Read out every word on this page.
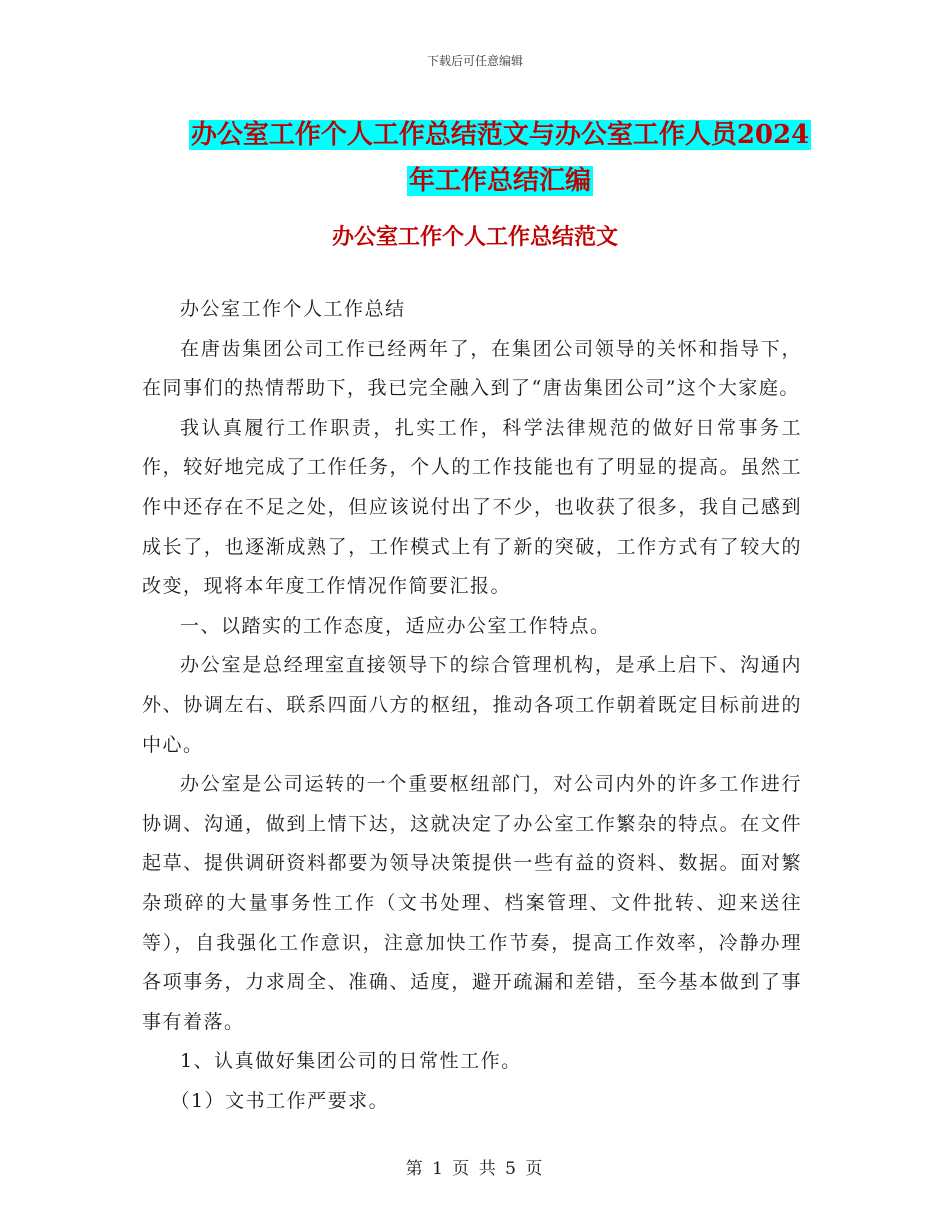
下载后可任意编辑
办公室工作个人工作总结范文与办公室工作人员2024
年工作总结汇编
办公室工作个人工作总结范文

办公室工作个人工作总结

在唐齿集团公司工作已经两年了，在集团公司领导的关怀和指导下，在同事们的热情帮助下，我已完全融入到了“唐齿集团公司”这个大家庭。

我认真履行工作职责，扎实工作，科学法律规范的做好日常事务工作，较好地完成了工作任务，个人的工作技能也有了明显的提高。虽然工作中还存在不足之处，但应该说付出了不少，也收获了很多，我自己感到成长了，也逐渐成熟了，工作模式上有了新的突破，工作方式有了较大的改变，现将本年度工作情况作简要汇报。

一、以踏实的工作态度，适应办公室工作特点。

办公室是总经理室直接领导下的综合管理机构，是承上启下、沟通内外、协调左右、联系四面八方的枢纽，推动各项工作朝着既定目标前进的中心。

办公室是公司运转的一个重要枢纽部门，对公司内外的许多工作进行协调、沟通，做到上情下达，这就决定了办公室工作繁杂的特点。在文件起草、提供调研资料都要为领导决策提供一些有益的资料、数据。面对繁杂琐碎的大量事务性工作（文书处理、档案管理、文件批转、迎来送往等），自我强化工作意识，注意加快工作节奏，提高工作效率，冷静办理各项事务，力求周全、准确、适度，避开疏漏和差错，至今基本做到了事事有着落。

1、认真做好集团公司的日常性工作。

（1）文书工作严要求。

第 1 页 共 5 页
